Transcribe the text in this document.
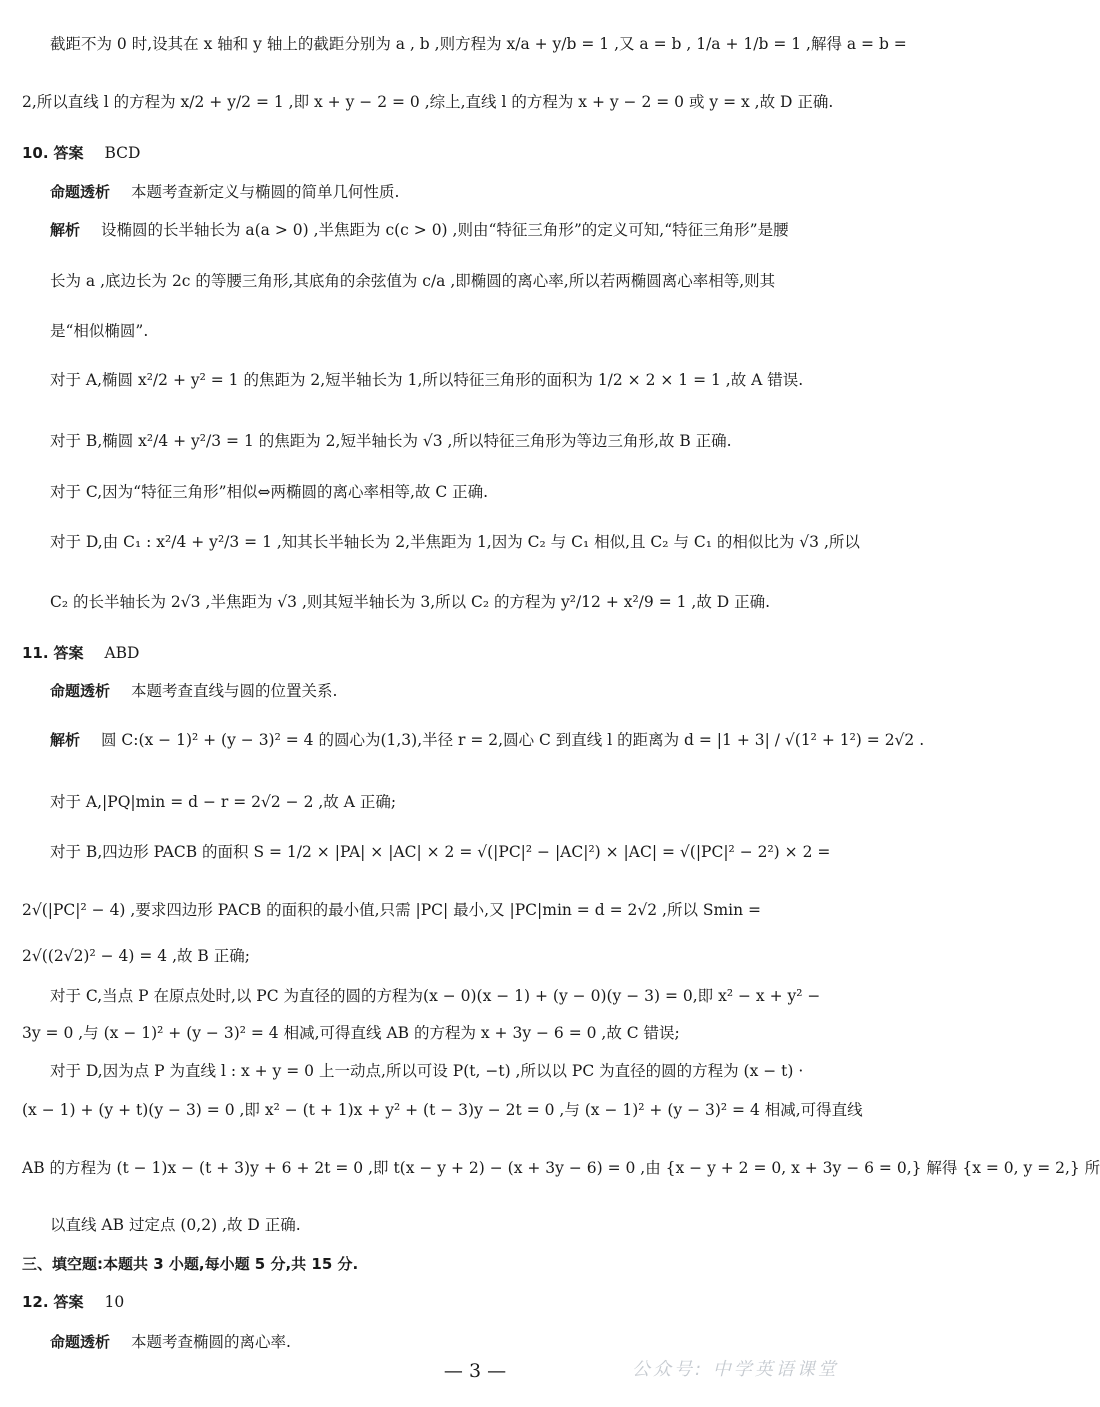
截距不为 0 时,设其在 x 轴和 y 轴上的截距分别为 a , b ,则方程为 x/a + y/b = 1 ,又 a = b , 1/a + 1/b = 1 ,解得 a = b =
2,所以直线 l 的方程为 x/2 + y/2 = 1 ,即 x + y − 2 = 0 ,综上,直线 l 的方程为 x + y − 2 = 0 或 y = x ,故 D 正确.
10. 答案 BCD
命题透析 本题考查新定义与椭圆的简单几何性质.
解析 设椭圆的长半轴长为 a(a > 0) ,半焦距为 c(c > 0) ,则由“特征三角形”的定义可知,“特征三角形”是腰
长为 a ,底边长为 2c 的等腰三角形,其底角的余弦值为 c/a ,即椭圆的离心率,所以若两椭圆离心率相等,则其
是“相似椭圆”.
对于 A,椭圆 x²/2 + y² = 1 的焦距为 2,短半轴长为 1,所以特征三角形的面积为 1/2 × 2 × 1 = 1 ,故 A 错误.
对于 B,椭圆 x²/4 + y²/3 = 1 的焦距为 2,短半轴长为 √3 ,所以特征三角形为等边三角形,故 B 正确.
对于 C,因为“特征三角形”相似⇔两椭圆的离心率相等,故 C 正确.
对于 D,由 C₁ : x²/4 + y²/3 = 1 ,知其长半轴长为 2,半焦距为 1,因为 C₂ 与 C₁ 相似,且 C₂ 与 C₁ 的相似比为 √3 ,所以
C₂ 的长半轴长为 2√3 ,半焦距为 √3 ,则其短半轴长为 3,所以 C₂ 的方程为 y²/12 + x²/9 = 1 ,故 D 正确.
11. 答案 ABD
命题透析 本题考查直线与圆的位置关系.
解析 圆 C:(x − 1)² + (y − 3)² = 4 的圆心为(1,3),半径 r = 2,圆心 C 到直线 l 的距离为 d = |1 + 3| / √(1² + 1²) = 2√2 .
对于 A,|PQ|min = d − r = 2√2 − 2 ,故 A 正确;
对于 B,四边形 PACB 的面积 S = 1/2 × |PA| × |AC| × 2 = √(|PC|² − |AC|²) × |AC| = √(|PC|² − 2²) × 2 =
2√(|PC|² − 4) ,要求四边形 PACB 的面积的最小值,只需 |PC| 最小,又 |PC|min = d = 2√2 ,所以 Smin =
2√((2√2)² − 4) = 4 ,故 B 正确;
对于 C,当点 P 在原点处时,以 PC 为直径的圆的方程为(x − 0)(x − 1) + (y − 0)(y − 3) = 0,即 x² − x + y² −
3y = 0 ,与 (x − 1)² + (y − 3)² = 4 相减,可得直线 AB 的方程为 x + 3y − 6 = 0 ,故 C 错误;
对于 D,因为点 P 为直线 l : x + y = 0 上一动点,所以可设 P(t, −t) ,所以以 PC 为直径的圆的方程为 (x − t) ·
(x − 1) + (y + t)(y − 3) = 0 ,即 x² − (t + 1)x + y² + (t − 3)y − 2t = 0 ,与 (x − 1)² + (y − 3)² = 4 相减,可得直线
AB 的方程为 (t − 1)x − (t + 3)y + 6 + 2t = 0 ,即 t(x − y + 2) − (x + 3y − 6) = 0 ,由 {x − y + 2 = 0, x + 3y − 6 = 0,} 解得 {x = 0, y = 2,} 所
以直线 AB 过定点 (0,2) ,故 D 正确.
三、填空题:本题共 3 小题,每小题 5 分,共 15 分.
12. 答案 10
命题透析 本题考查椭圆的离心率.
— 3 —	公众号: 中学英语课堂
